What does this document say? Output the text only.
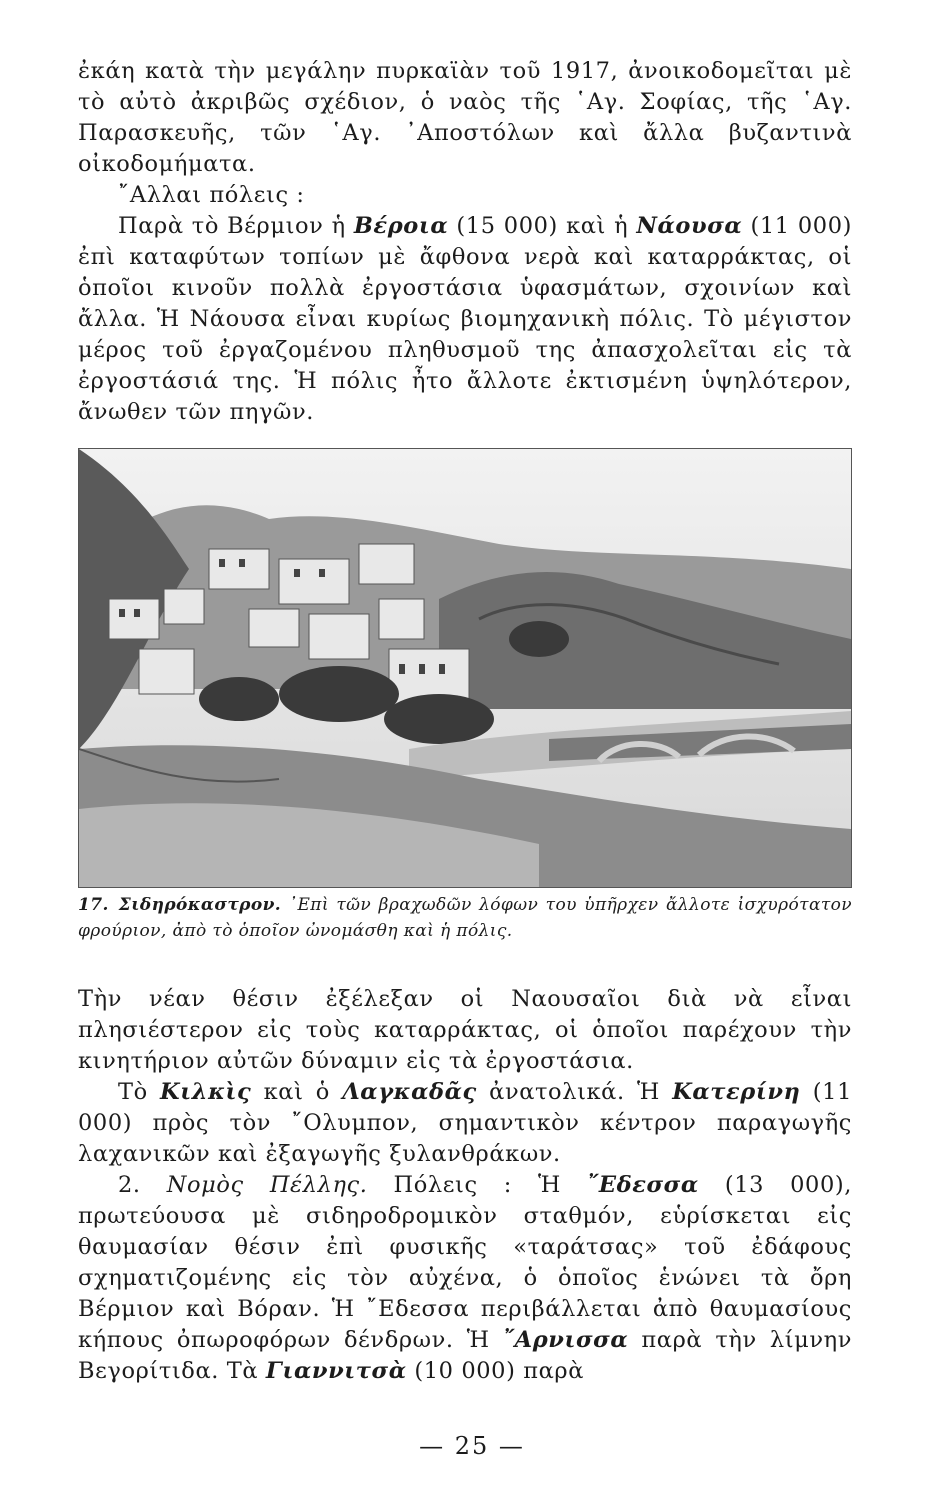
ἐκάη κατὰ τὴν μεγάλην πυρκαϊὰν τοῦ 1917, ἀνοικοδομεῖται μὲ τὸ αὐτὸ ἀκριβῶς σχέδιον, ὁ ναὸς τῆς ῾Αγ. Σοφίας, τῆς ῾Αγ. Παρασκευῆς, τῶν ῾Αγ. ᾽Αποστόλων καὶ ἄλλα βυζαντινὰ οἰκοδομήματα.

῎Αλλαι πόλεις :

Παρὰ τὸ Βέρμιον ἡ Βέροια (15 000) καὶ ἡ Νάουσα (11 000) ἐπὶ καταφύτων τοπίων μὲ ἄφθονα νερὰ καὶ καταρράκτας, οἱ ὁποῖοι κινοῦν πολλὰ ἐργοστάσια ὑφασμάτων, σχοινίων καὶ ἄλλα. Ἡ Νάουσα εἶναι κυρίως βιομηχανικὴ πόλις. Τὸ μέγιστον μέρος τοῦ ἐργαζομένου πληθυσμοῦ της ἀπασχολεῖται εἰς τὰ ἐργοστάσιά της. Ἡ πόλις ἦτο ἄλλοτε ἐκτισμένη ὑψηλότερον, ἄνωθεν τῶν πηγῶν.

17. Σιδηρόκαστρον. ᾽Επὶ τῶν βραχωδῶν λόφων του ὑπῆρχεν ἄλλοτε ἰσχυρότατον φρούριον, ἀπὸ τὸ ὁποῖον ὠνομάσθη καὶ ἡ πόλις.

Τὴν νέαν θέσιν ἐξέλεξαν οἱ Ναουσαῖοι διὰ νὰ εἶναι πλησιέστερον εἰς τοὺς καταρράκτας, οἱ ὁποῖοι παρέχουν τὴν κινητήριον αὐτῶν δύναμιν εἰς τὰ ἐργοστάσια.

Τὸ Κιλκὶς καὶ ὁ Λαγκαδᾶς ἀνατολικά. Ἡ Κατερίνη (11 000) πρὸς τὸν ῎Ολυμπον, σημαντικὸν κέντρον παραγωγῆς λαχανικῶν καὶ ἐξαγωγῆς ξυλανθράκων.

2. Νομὸς Πέλλης. Πόλεις : Ἡ ῎Εδεσσα (13 000), πρωτεύουσα μὲ σιδηροδρομικὸν σταθμόν, εὑρίσκεται εἰς θαυμασίαν θέσιν ἐπὶ φυσικῆς «ταράτσας» τοῦ ἐδάφους σχηματιζομένης εἰς τὸν αὐχένα, ὁ ὁποῖος ἑνώνει τὰ ὄρη Βέρμιον καὶ Βόραν. Ἡ ῎Εδεσσα περιβάλλεται ἀπὸ θαυμασίους κήπους ὀπωροφόρων δένδρων. Ἡ ῎Αρνισσα παρὰ τὴν λίμνην Βεγορίτιδα. Τὰ Γιαννιτσὰ (10 000) παρὰ

— 25 —
